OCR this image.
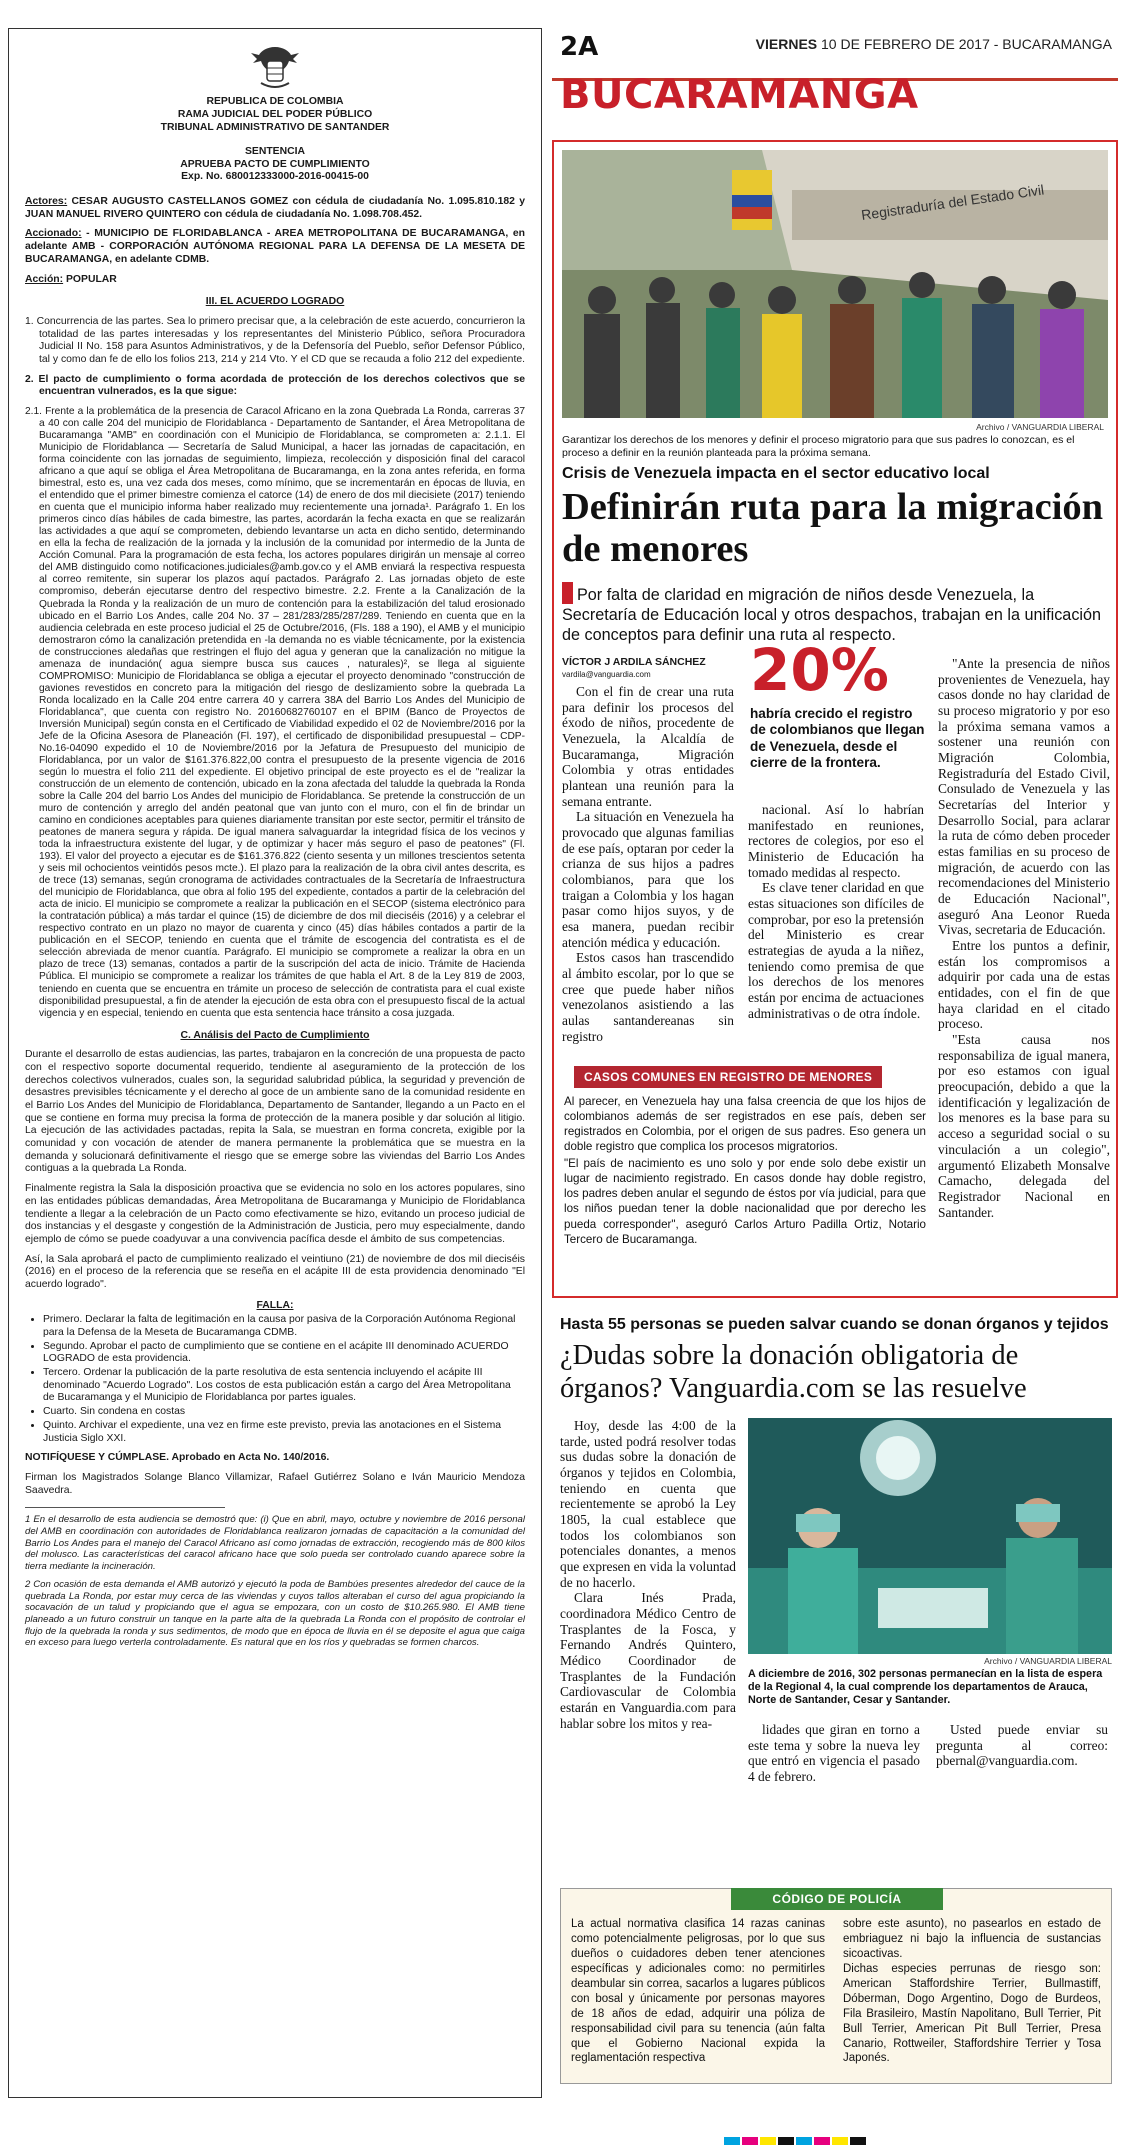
REPUBLICA DE COLOMBIA
RAMA JUDICIAL DEL PODER PÚBLICO
TRIBUNAL ADMINISTRATIVO DE SANTANDER
SENTENCIA
APRUEBA PACTO DE CUMPLIMIENTO
Exp. No. 680012333000-2016-00415-00
Actores: CESAR AUGUSTO CASTELLANOS GOMEZ con cédula de ciudadanía No. 1.095.810.182 y JUAN MANUEL RIVERO QUINTERO con cédula de ciudadanía No. 1.098.708.452.
Accionado: - MUNICIPIO DE FLORIDABLANCA - AREA METROPOLITANA DE BUCARAMANGA, en adelante AMB - CORPORACIÓN AUTÓNOMA REGIONAL PARA LA DEFENSA DE LA MESETA DE BUCARAMANGA, en adelante CDMB.
Acción: POPULAR
III. EL ACUERDO LOGRADO
1. Concurrencia de las partes. Sea lo primero precisar que, a la celebración de este acuerdo, concurrieron la totalidad de las partes interesadas y los representantes del Ministerio Público, señora Procuradora Judicial II No. 158 para Asuntos Administrativos, y de la Defensoría del Pueblo, señor Defensor Público, tal y como dan fe de ello los folios 213, 214 y 214 Vto. Y el CD que se recauda a folio 212 del expediente.
2. El pacto de cumplimiento o forma acordada de protección de los derechos colectivos que se encuentran vulnerados, es la que sigue:
2.1. Frente a la problemática de la presencia de Caracol Africano en la zona Quebrada La Ronda, carreras 37 a 40 con calle 204 del municipio de Floridablanca - Departamento de Santander, el Área Metropolitana de Bucaramanga "AMB" en coordinación con el Municipio de Floridablanca, se comprometen a: 2.1.1. El Municipio de Floridablanca — Secretaría de Salud Municipal, a hacer las jornadas de capacitación, en forma coincidente con las jornadas de seguimiento, limpieza, recolección y disposición final del caracol africano a que aquí se obliga el Área Metropolitana de Bucaramanga, en la zona antes referida, en forma bimestral, esto es, una vez cada dos meses, como mínimo, que se incrementarán en épocas de lluvia, en el entendido que el primer bimestre comienza el catorce (14) de enero de dos mil diecisiete (2017) teniendo en cuenta que el municipio informa haber realizado muy recientemente una jornada¹. Parágrafo 1. En los primeros cinco días hábiles de cada bimestre, las partes, acordarán la fecha exacta en que se realizarán las actividades a que aquí se comprometen, debiendo levantarse un acta en dicho sentido, determinando en ella la fecha de realización de la jornada y la inclusión de la comunidad por intermedio de la Junta de Acción Comunal. Para la programación de esta fecha, los actores populares dirigirán un mensaje al correo del AMB distinguido como notificaciones.judiciales@amb.gov.co y el AMB enviará la respectiva respuesta al correo remitente, sin superar los plazos aquí pactados. Parágrafo 2. Las jornadas objeto de este compromiso, deberán ejecutarse dentro del respectivo bimestre. 2.2. Frente a la Canalización de la Quebrada la Ronda y la realización de un muro de contención para la estabilización del talud erosionado ubicado en el Barrio Los Andes, calle 204 No. 37 – 281/283/285/287/289. Teniendo en cuenta que en la audiencia celebrada en este proceso judicial el 25 de Octubre/2016, (Fls. 188 a 190), el AMB y el municipio demostraron cómo la canalización pretendida en -la demanda no es viable técnicamente, por la existencia de construcciones aledañas que restringen el flujo del agua y generan que la canalización no mitigue la amenaza de inundación( agua siempre busca sus cauces , naturales)², se llega al siguiente COMPROMISO: Municipio de Floridablanca se obliga a ejecutar el proyecto denominado "construcción de gaviones revestidos en concreto para la mitigación del riesgo de deslizamiento sobre la quebrada La Ronda localizado en la Calle 204 entre carrera 40 y carrera 38A del Barrio Los Andes del Municipio de Floridablanca", que cuenta con registro No. 20160682760107 en el BPIM (Banco de Proyectos de Inversión Municipal) según consta en el Certificado de Viabilidad expedido el 02 de Noviembre/2016 por la Jefe de la Oficina Asesora de Planeación (Fl. 197), el certificado de disponibilidad presupuestal – CDP- No.16-04090 expedido el 10 de Noviembre/2016 por la Jefatura de Presupuesto del municipio de Floridablanca, por un valor de $161.376.822,00 contra el presupuesto de la presente vigencia de 2016 según lo muestra el folio 211 del expediente. El objetivo principal de este proyecto es el de "realizar la construcción de un elemento de contención, ubicado en la zona afectada del taludde la quebrada la Ronda sobre la Calle 204 del barrio Los Andes del municipio de Floridablanca. Se pretende la construcción de un muro de contención y arreglo del andén peatonal que van junto con el muro, con el fin de brindar un camino en condiciones aceptables para quienes diariamente transitan por este sector, permitir el tránsito de peatones de manera segura y rápida. De igual manera salvaguardar la integridad física de los vecinos y toda la infraestructura existente del lugar, y de optimizar y hacer más seguro el paso de peatones" (Fl. 193). El valor del proyecto a ejecutar es de $161.376.822 (ciento sesenta y un millones trescientos setenta y seis mil ochocientos veintidós pesos mcte.). El plazo para la realización de la obra civil antes descrita, es de trece (13) semanas, según cronograma de actividades contractuales de la Secretaría de Infraestructura del municipio de Floridablanca, que obra al folio 195 del expediente, contados a partir de la celebración del acta de inicio. El municipio se compromete a realizar la publicación en el SECOP (sistema electrónico para la contratación pública) a más tardar el quince (15) de diciembre de dos mil dieciséis (2016) y a celebrar el respectivo contrato en un plazo no mayor de cuarenta y cinco (45) días hábiles contados a partir de la publicación en el SECOP, teniendo en cuenta que el trámite de escogencia del contratista es el de selección abreviada de menor cuantía. Parágrafo. El municipio se compromete a realizar la obra en un plazo de trece (13) semanas, contados a partir de la suscripción del acta de inicio. Trámite de Hacienda Pública. El municipio se compromete a realizar los trámites de que habla el Art. 8 de la Ley 819 de 2003, teniendo en cuenta que se encuentra en trámite un proceso de selección de contratista para el cual existe disponibilidad presupuestal, a fin de atender la ejecución de esta obra con el presupuesto fiscal de la actual vigencia y en especial, teniendo en cuenta que esta sentencia hace tránsito a cosa juzgada.
C. Análisis del Pacto de Cumplimiento
Durante el desarrollo de estas audiencias, las partes, trabajaron en la concreción de una propuesta de pacto con el respectivo soporte documental requerido, tendiente al aseguramiento de la protección de los derechos colectivos vulnerados, cuales son, la seguridad salubridad pública, la seguridad y prevención de desastres previsibles técnicamente y el derecho al goce de un ambiente sano de la comunidad residente en el Barrio Los Andes del Municipio de Floridablanca, Departamento de Santander, llegando a un Pacto en el que se contiene en forma muy precisa la forma de protección de la manera posible y dar solución al litigio. La ejecución de las actividades pactadas, repita la Sala, se muestran en forma concreta, exigible por la comunidad y con vocación de atender de manera permanente la problemática que se muestra en la demanda y solucionará definitivamente el riesgo que se emerge sobre las viviendas del Barrio Los Andes contiguas a la quebrada La Ronda.
Finalmente registra la Sala la disposición proactiva que se evidencia no solo en los actores populares, sino en las entidades públicas demandadas, Área Metropolitana de Bucaramanga y Municipio de Floridablanca tendiente a llegar a la celebración de un Pacto como efectivamente se hizo, evitando un proceso judicial de dos instancias y el desgaste y congestión de la Administración de Justicia, pero muy especialmente, dando ejemplo de cómo se puede coadyuvar a una convivencia pacífica desde el ámbito de sus competencias.
Así, la Sala aprobará el pacto de cumplimiento realizado el veintiuno (21) de noviembre de dos mil dieciséis (2016) en el proceso de la referencia que se reseña en el acápite III de esta providencia denominado "El acuerdo logrado".
FALLA:
• Primero. Declarar la falta de legitimación en la causa por pasiva de la Corporación Autónoma Regional para la Defensa de la Meseta de Bucaramanga CDMB.
• Segundo. Aprobar el pacto de cumplimiento que se contiene en el acápite III denominado ACUERDO LOGRADO de esta providencia.
• Tercero. Ordenar la publicación de la parte resolutiva de esta sentencia incluyendo el acápite III denominado "Acuerdo Logrado". Los costos de esta publicación están a cargo del Área Metropolitana de Bucaramanga y el Municipio de Floridablanca por partes iguales.
• Cuarto. Sin condena en costas
• Quinto. Archivar el expediente, una vez en firme este previsto, previa las anotaciones en el Sistema Justicia Siglo XXI.
NOTIFÍQUESE Y CÚMPLASE. Aprobado en Acta No. 140/2016.
Firman los Magistrados Solange Blanco Villamizar, Rafael Gutiérrez Solano e Iván Mauricio Mendoza Saavedra.
1 En el desarrollo de esta audiencia se demostró que: (i) Que en abril, mayo, octubre y noviembre de 2016 personal del AMB en coordinación con autoridades de Floridablanca realizaron jornadas de capacitación a la comunidad del Barrio Los Andes para el manejo del Caracol Africano así como jornadas de extracción, recogiendo más de 800 kilos del molusco. Las características del caracol africano hace que solo pueda ser controlado cuando aparece sobre la tierra mediante la incineración.
2 Con ocasión de esta demanda el AMB autorizó y ejecutó la poda de Bambúes presentes alrededor del cauce de la quebrada La Ronda, por estar muy cerca de las viviendas y cuyos tallos alteraban el curso del agua propiciando la socavación de un talud y propiciando que el agua se empozara, con un costo de $10.265.980. El AMB tiene planeado a un futuro construir un tanque en la parte alta de la quebrada La Ronda con el propósito de controlar el flujo de la quebrada la ronda y sus sedimentos, de modo que en época de lluvia en él se deposite el agua que caiga en exceso para luego verterla controladamente. Es natural que en los ríos y quebradas se formen charcos.
2A	VIERNES 10 DE FEBRERO DE 2017 - BUCARAMANGA
BUCARAMANGA
Registraduría del Estado Civil
Archivo / VANGUARDIA LIBERAL
Garantizar los derechos de los menores y definir el proceso migratorio para que sus padres lo conozcan, es el proceso a definir en la reunión planteada para la próxima semana.
Crisis de Venezuela impacta en el sector educativo local
Definirán ruta para la migración de menores
Por falta de claridad en migración de niños desde Venezuela, la Secretaría de Educación local y otros despachos, trabajan en la unificación de conceptos para definir una ruta al respecto.
VÍCTOR J ARDILA SÁNCHEZ
vardila@vanguardia.com

Con el fin de crear una ruta para definir los procesos del éxodo de niños, procedente de Venezuela, la Alcaldía de Bucaramanga, Migración Colombia y otras entidades plantean una reunión para la semana entrante.

La situación en Venezuela ha provocado que algunas familias de ese país, optaran por ceder la crianza de sus hijos a padres colombianos, para que los traigan a Colombia y los hagan pasar como hijos suyos, y de esa manera, puedan recibir atención médica y educación.

Estos casos han trascendido al ámbito escolar, por lo que se cree que puede haber niños venezolanos asistiendo a las aulas santandereanas sin registro

20%
habría crecido el registro de colombianos que llegan de Venezuela, desde el cierre de la frontera.

nacional. Así lo habrían manifestado en reuniones, rectores de colegios, por eso el Ministerio de Educación ha tomado medidas al respecto.

Es clave tener claridad en que estas situaciones son difíciles de comprobar, por eso la pretensión del Ministerio es crear estrategias de ayuda a la niñez, teniendo como premisa de que los derechos de los menores están por encima de actuaciones administrativas o de otra índole.

"Ante la presencia de niños provenientes de Venezuela, hay casos donde no hay claridad de su proceso migratorio y por eso la próxima semana vamos a sostener una reunión con Migración Colombia, Registraduría del Estado Civil, Consulado de Venezuela y las Secretarías del Interior y Desarrollo Social, para aclarar la ruta de cómo deben proceder estas familias en su proceso de migración, de acuerdo con las recomendaciones del Ministerio de Educación Nacional", aseguró Ana Leonor Rueda Vivas, secretaria de Educación.

Entre los puntos a definir, están los compromisos a adquirir por cada una de estas entidades, con el fin de que haya claridad en el citado proceso.

"Esta causa nos responsabiliza de igual manera, por eso estamos con igual preocupación, debido a que la identificación y legalización de los menores es la base para su acceso a seguridad social o su vinculación a un colegio", argumentó Elizabeth Monsalve Camacho, delegada del Registrador Nacional en Santander.

CASOS COMUNES EN REGISTRO DE MENORES

Al parecer, en Venezuela hay una falsa creencia de que los hijos de colombianos además de ser registrados en ese país, deben ser registrados en Colombia, por el origen de sus padres. Eso genera un doble registro que complica los procesos migratorios.

"El país de nacimiento es uno solo y por ende solo debe existir un lugar de nacimiento registrado. En casos donde hay doble registro, los padres deben anular el segundo de éstos por vía judicial, para que los niños puedan tener la doble nacionalidad que por derecho les pueda corresponder", aseguró Carlos Arturo Padilla Ortiz, Notario Tercero de Bucaramanga.

Hasta 55 personas se pueden salvar cuando se donan órganos y tejidos
¿Dudas sobre la donación obligatoria de órganos? Vanguardia.com se las resuelve

Hoy, desde las 4:00 de la tarde, usted podrá resolver todas sus dudas sobre la donación de órganos y tejidos en Colombia, teniendo en cuenta que recientemente se aprobó la Ley 1805, la cual establece que todos los colombianos son potenciales donantes, a menos que expresen en vida la voluntad de no hacerlo.

Clara Inés Prada, coordinadora Médico Centro de Trasplantes de la Fosca, y Fernando Andrés Quintero, Médico Coordinador de Trasplantes de la Fundación Cardiovascular de Colombia estarán en Vanguardia.com para hablar sobre los mitos y rea-

Archivo / VANGUARDIA LIBERAL
A diciembre de 2016, 302 personas permanecían en la lista de espera de la Regional 4, la cual comprende los departamentos de Arauca, Norte de Santander, Cesar y Santander.

lidades que giran en torno a este tema y sobre la nueva ley que entró en vigencia el pasado 4 de febrero.

Usted puede enviar su pregunta al correo: pbernal@vanguardia.com.

CÓDIGO DE POLICÍA
La actual normativa clasifica 14 razas caninas como potencialmente peligrosas, por lo que sus dueños o cuidadores deben tener atenciones específicas y adicionales como: no permitirles deambular sin correa, sacarlos a lugares públicos con bosal y únicamente por personas mayores de 18 años de edad, adquirir una póliza de responsabilidad civil para su tenencia (aún falta que el Gobierno Nacional expida la reglamentación respectiva
sobre este asunto), no pasearlos en estado de embriaguez ni bajo la influencia de sustancias sicoactivas.
Dichas especies perrunas de riesgo son: American Staffordshire Terrier, Bullmastiff, Dóberman, Dogo Argentino, Dogo de Burdeos, Fila Brasileiro, Mastín Napolitano, Bull Terrier, Pit Bull Terrier, American Pit Bull Terrier, Presa Canario, Rottweiler, Staffordshire Terrier y Tosa Japonés.
